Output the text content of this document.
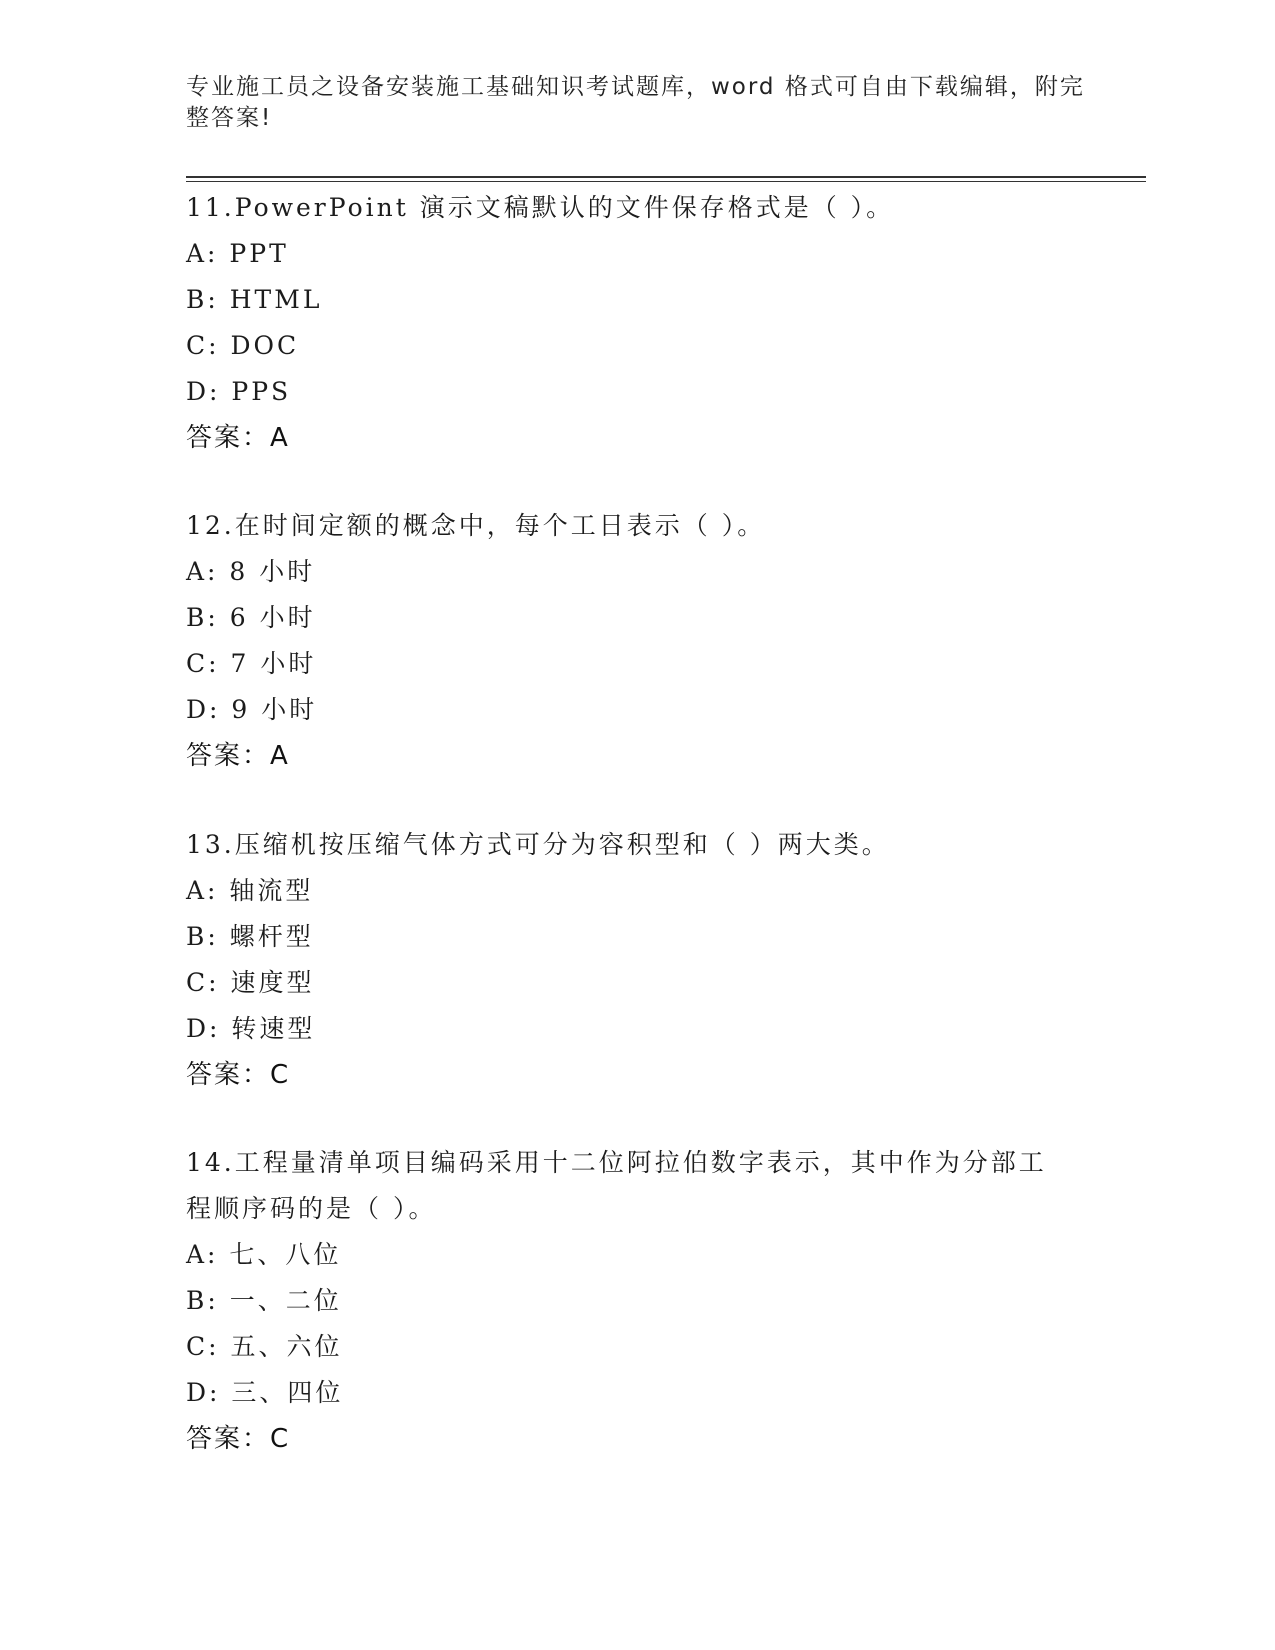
专业施工员之设备安装施工基础知识考试题库，word 格式可自由下载编辑，附完
整答案!

11.PowerPoint 演示文稿默认的文件保存格式是（ ）。

A: PPT

B: HTML

C: DOC

D: PPS

答案：A

12.在时间定额的概念中，每个工日表示（ ）。

A: 8 小时

B: 6 小时

C: 7 小时

D: 9 小时

答案：A

13.压缩机按压缩气体方式可分为容积型和（ ）两大类。

A: 轴流型

B: 螺杆型

C: 速度型

D: 转速型

答案：C

14.工程量清单项目编码采用十二位阿拉伯数字表示，其中作为分部工

程顺序码的是（ ）。

A: 七、八位

B: 一、二位

C: 五、六位

D: 三、四位

答案：C
